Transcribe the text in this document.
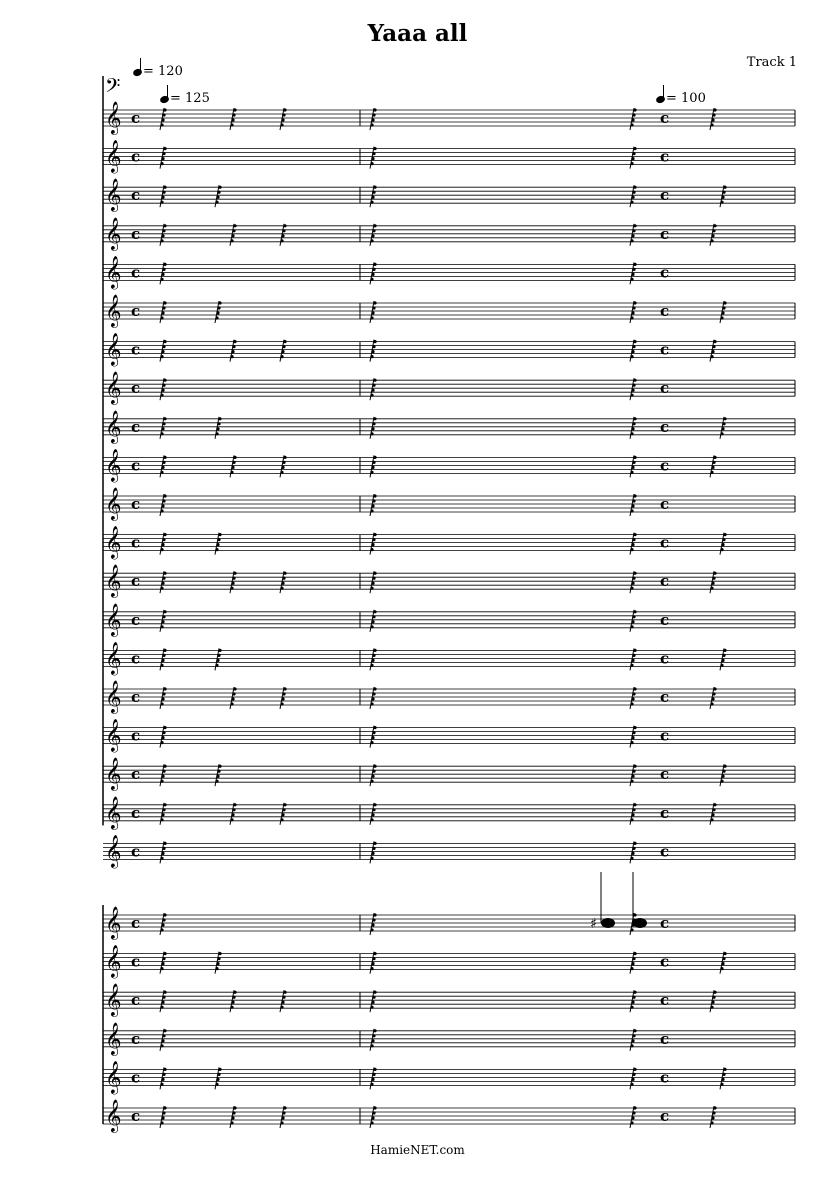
Yaaa all
Track 1
= 120
= 125	= 100
𝄢
𝄞 c	c
𝄞 c	c
𝄞 c	c
𝄞 c	c
𝄞 c	c
𝄞 c	c
𝄞 c	c
𝄞 c	c
𝄞 c	c
𝄞 c	c
𝄞 c	c
𝄞 c	c
𝄞 c	c
𝄞 c	c
𝄞 c	c
𝄞 c	c
𝄞 c	c
𝄞 c	c
𝄞 c	c
𝄞 c	c
♯
𝄞 c	c
𝄞 c	c
𝄞 c	c
𝄞 c	c
𝄞 c	c
𝄞 c	c
HamieNET.com
